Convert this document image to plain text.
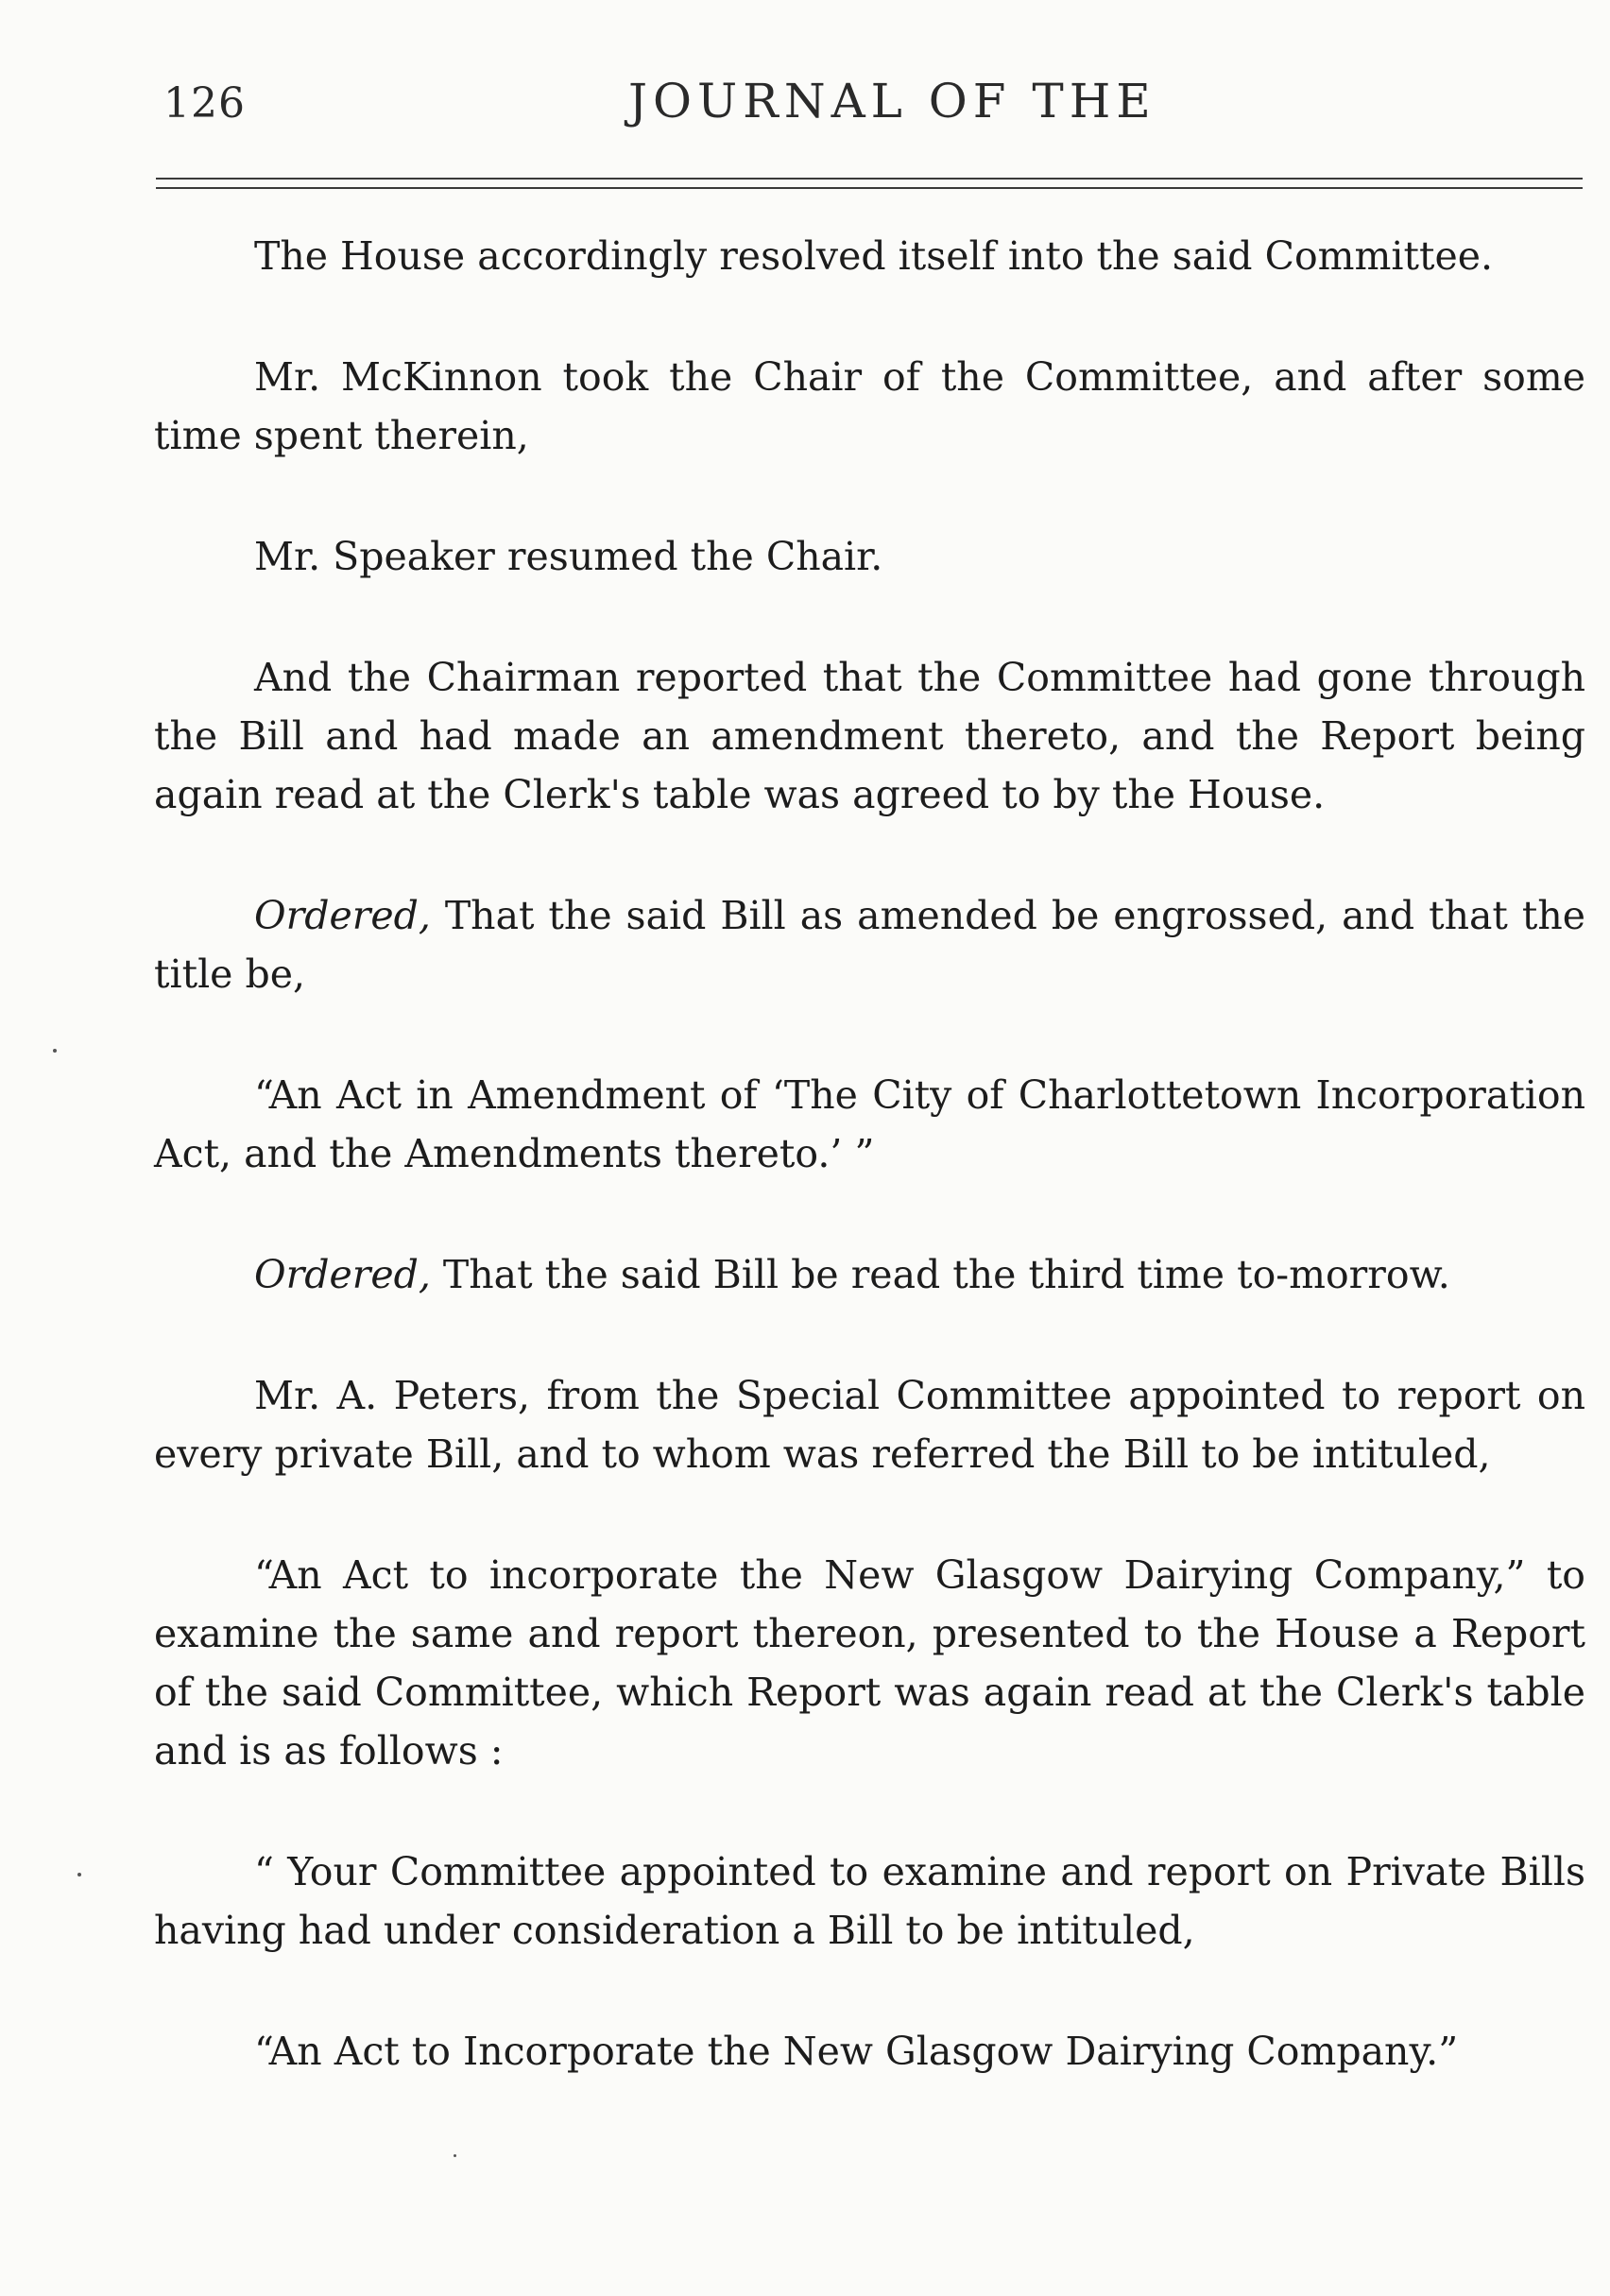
126	JOURNAL OF THE

The House accordingly resolved itself into the said Committee.

Mr. McKinnon took the Chair of the Committee, and after some time spent therein,

Mr. Speaker resumed the Chair.

And the Chairman reported that the Committee had gone through the Bill and had made an amendment thereto, and the Report being again read at the Clerk's table was agreed to by the House.

Ordered, That the said Bill as amended be engrossed, and that the title be,

“An Act in Amendment of ‘The City of Charlottetown Incorporation Act, and the Amendments thereto.’ ”

Ordered, That the said Bill be read the third time to-morrow.

Mr. A. Peters, from the Special Committee appointed to report on every private Bill, and to whom was referred the Bill to be intituled,

“An Act to incorporate the New Glasgow Dairying Company,” to examine the same and report thereon, presented to the House a Report of the said Committee, which Report was again read at the Clerk's table and is as follows :

“ Your Committee appointed to examine and report on Private Bills having had under consideration a Bill to be intituled,

“An Act to Incorporate the New Glasgow Dairying Company.”
